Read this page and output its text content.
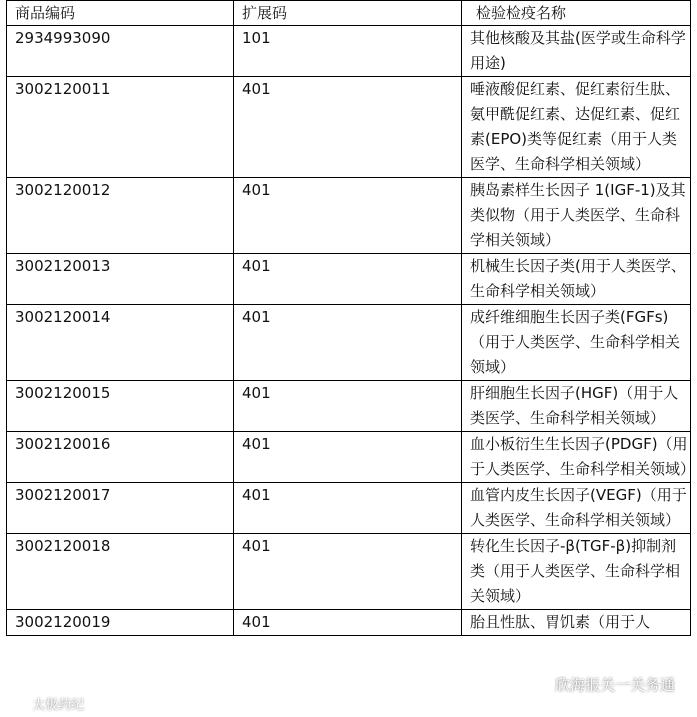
商品编码	扩展码	检验检疫名称
2934993090	101	其他核酸及其盐(医学或生命科学用途)
3002120011	401	唾液酸促红素、促红素衍生肽、氨甲酰促红素、达促红素、促红素(EPO)类等促红素（用于人类医学、生命科学相关领域）
3002120012	401	胰岛素样生长因子 1(IGF-1)及其类似物（用于人类医学、生命科学相关领域）
3002120013	401	机械生长因子类(用于人类医学、生命科学相关领域）
3002120014	401	成纤维细胞生长因子类(FGFs)（用于人类医学、生命科学相关领域）
3002120015	401	肝细胞生长因子(HGF)（用于人类医学、生命科学相关领域）
3002120016	401	血小板衍生生长因子(PDGF)（用于人类医学、生命科学相关领域）
3002120017	401	血管内皮生长因子(VEGF)（用于人类医学、生命科学相关领域）
3002120018	401	转化生长因子-β(TGF-β)抑制剂类（用于人类医学、生命科学相关领域）
3002120019	401	胎且性肽、胃饥素（用于人
太极药纪
欣海报关一关务通
